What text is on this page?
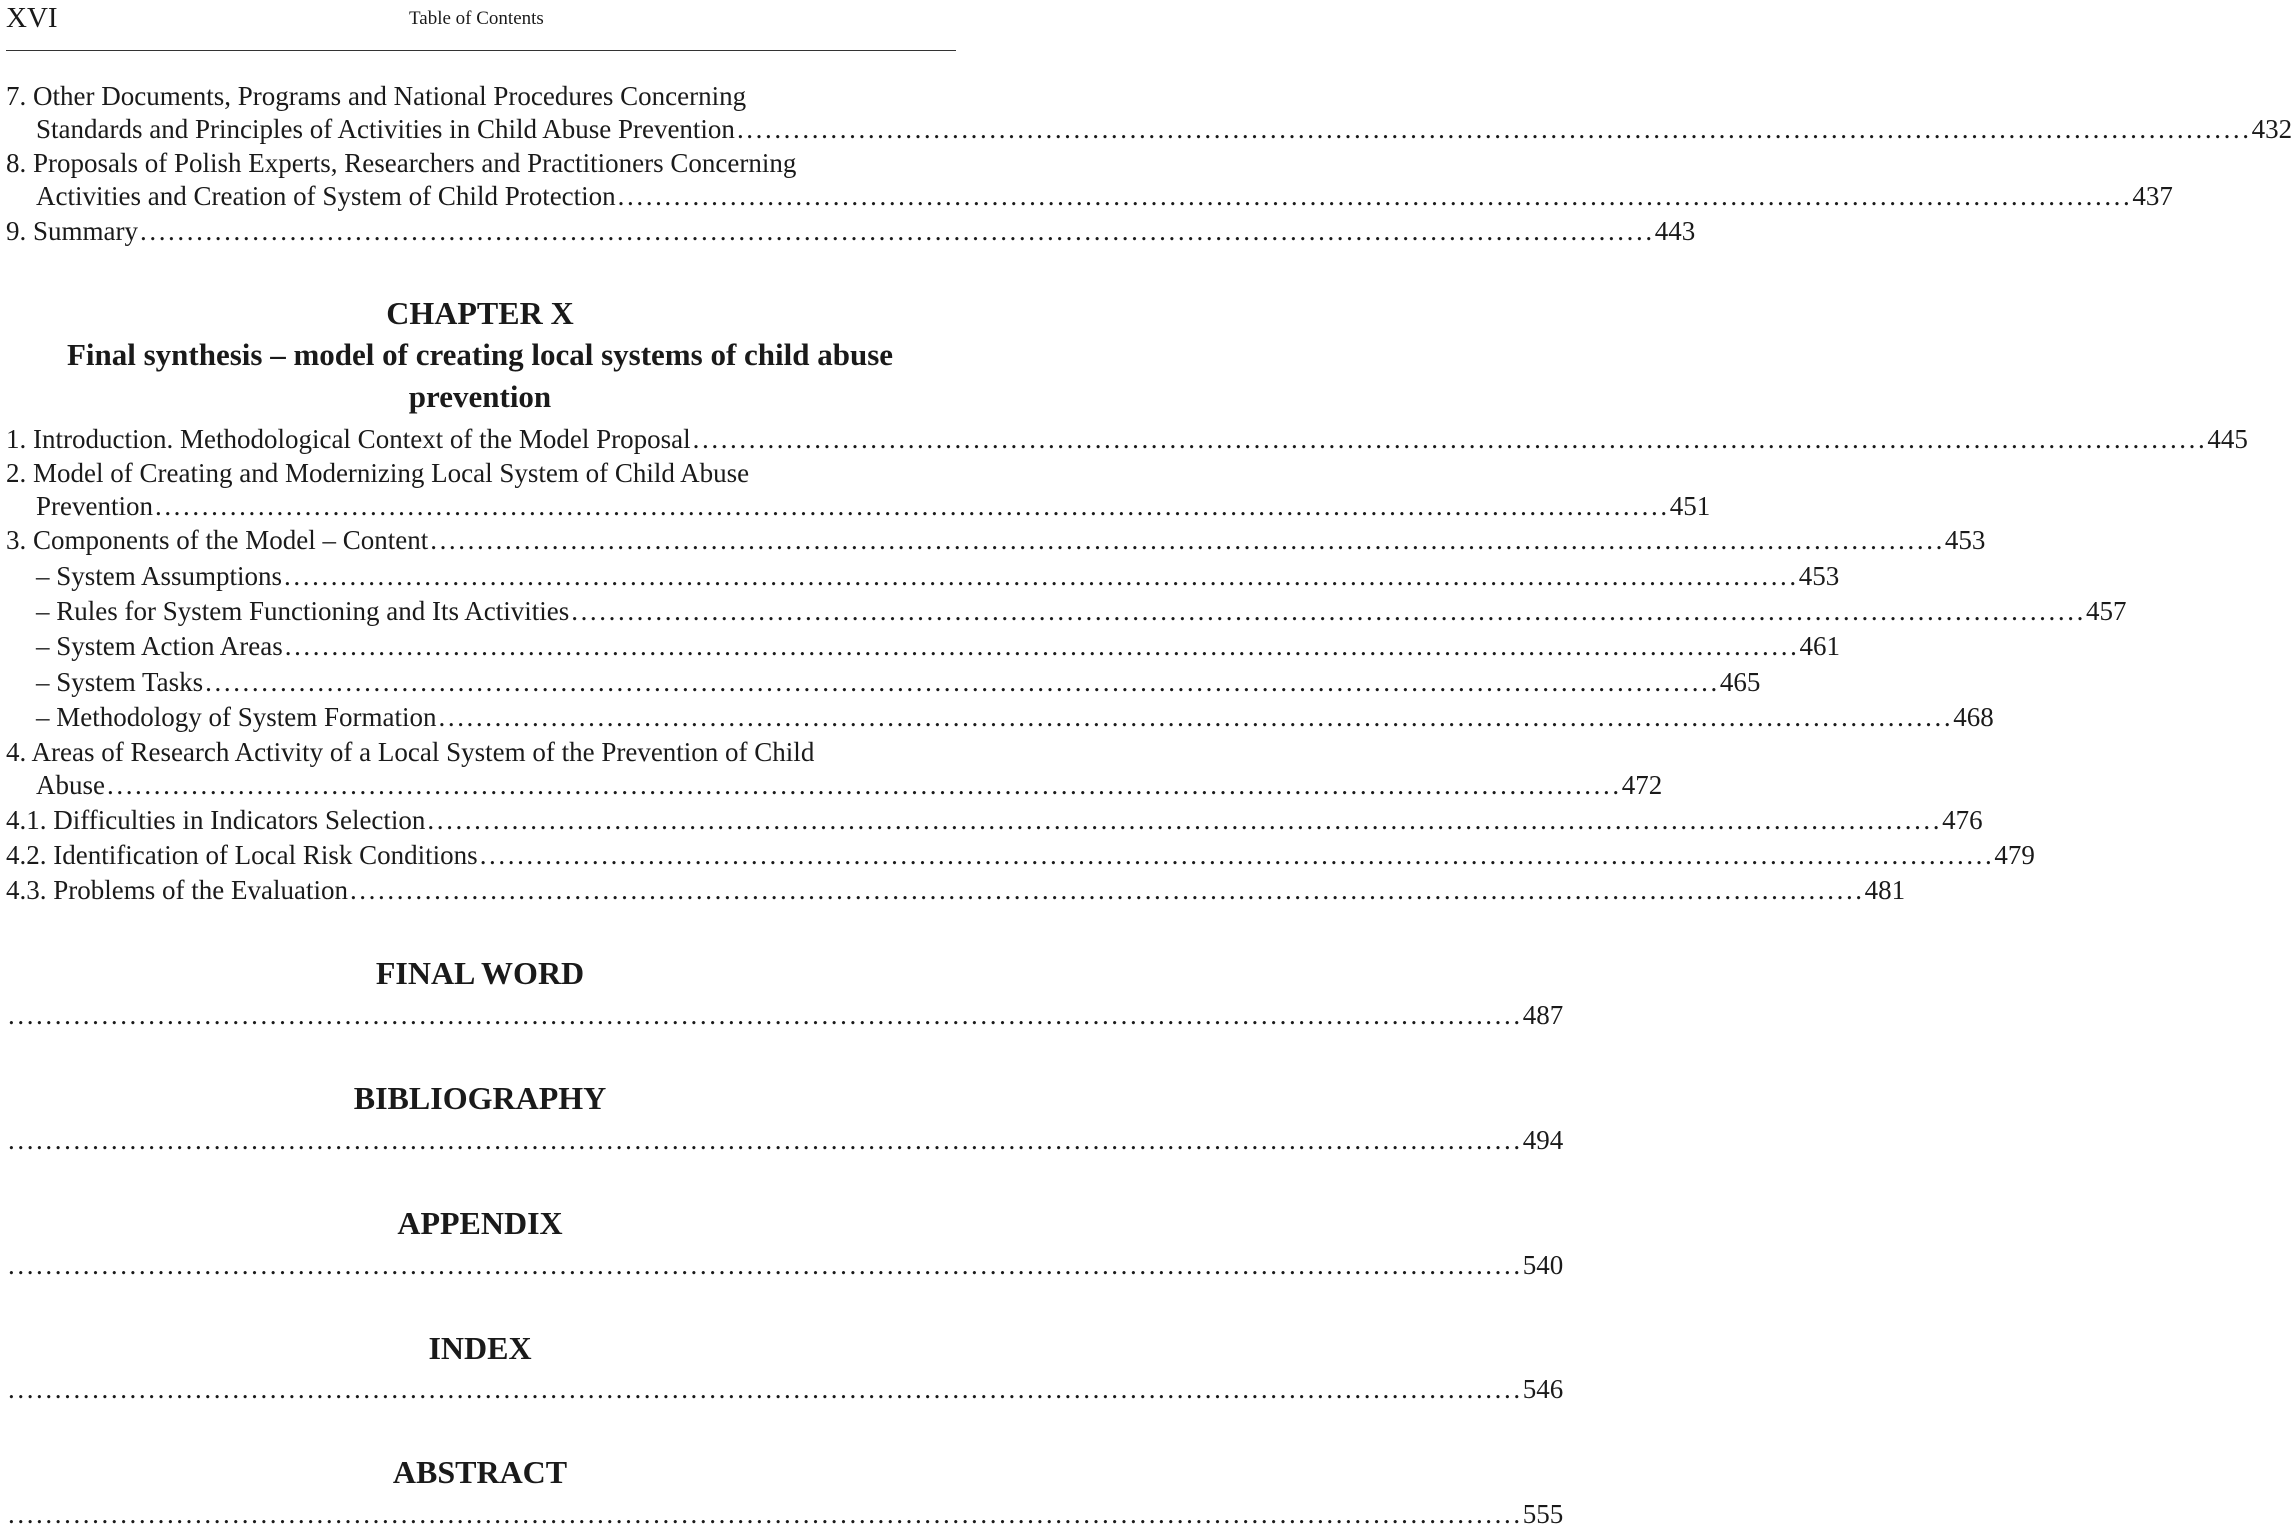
XVI	Table of Contents
7. Other Documents, Programs and National Procedures Concerning
Standards and Principles of Activities in Child Abuse Prevention .................................................................................................................................................................. 432
8. Proposals of Polish Experts, Researchers and Practitioners Concerning
Activities and Creation of System of Child Protection .................................................................................................................................................................. 437
9. Summary .................................................................................................................................................................. 443
CHAPTER X
Final synthesis – model of creating local systems of child abuse
prevention
1. Introduction. Methodological Context of the Model Proposal .................................................................................................................................................................. 445
2. Model of Creating and Modernizing Local System of Child Abuse
Prevention .................................................................................................................................................................. 451
3. Components of the Model – Content .................................................................................................................................................................. 453
– System Assumptions .................................................................................................................................................................. 453
– Rules for System Functioning and Its Activities .................................................................................................................................................................. 457
– System Action Areas .................................................................................................................................................................. 461
– System Tasks .................................................................................................................................................................. 465
– Methodology of System Formation .................................................................................................................................................................. 468
4. Areas of Research Activity of a Local System of the Prevention of Child
Abuse .................................................................................................................................................................. 472
4.1. Difficulties in Indicators Selection .................................................................................................................................................................. 476
4.2. Identification of Local Risk Conditions .................................................................................................................................................................. 479
4.3. Problems of the Evaluation .................................................................................................................................................................. 481
FINAL WORD
.................................................................................................................................................................. 487
BIBLIOGRAPHY
.................................................................................................................................................................. 494
APPENDIX
.................................................................................................................................................................. 540
INDEX
.................................................................................................................................................................. 546
ABSTRACT
.................................................................................................................................................................. 555
